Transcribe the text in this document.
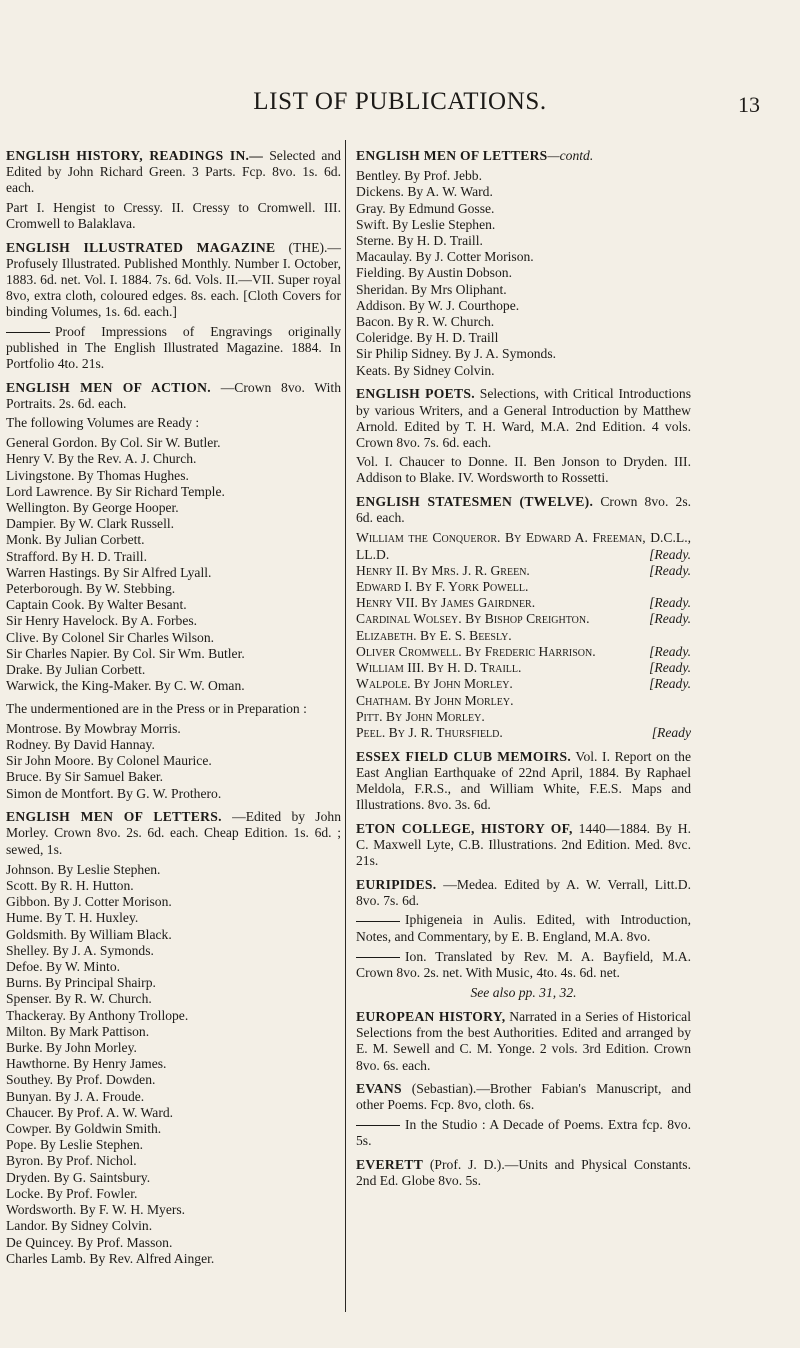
LIST OF PUBLICATIONS.	13
ENGLISH HISTORY, READINGS IN.— Selected and Edited by John Richard Green. 3 Parts. Fcp. 8vo. 1s. 6d. each.
Part I. Hengist to Cressy. II. Cressy to Cromwell. III. Cromwell to Balaklava.
ENGLISH ILLUSTRATED MAGAZINE (THE).—Profusely Illustrated. Published Monthly. Number I. October, 1883. 6d. net. Vol. I. 1884. 7s. 6d. Vols. II.—VII. Super royal 8vo, extra cloth, coloured edges. 8s. each. [Cloth Covers for binding Volumes, 1s. 6d. each.]
Proof Impressions of Engravings originally published in The English Illustrated Magazine. 1884. In Portfolio 4to. 21s.
ENGLISH MEN OF ACTION. —Crown 8vo. With Portraits. 2s. 6d. each.
The following Volumes are Ready :
General Gordon. By Col. Sir W. Butler.
Henry V. By the Rev. A. J. Church.
Livingstone. By Thomas Hughes.
Lord Lawrence. By Sir Richard Temple.
Wellington. By George Hooper.
Dampier. By W. Clark Russell.
Monk. By Julian Corbett.
Strafford. By H. D. Traill.
Warren Hastings. By Sir Alfred Lyall.
Peterborough. By W. Stebbing.
Captain Cook. By Walter Besant.
Sir Henry Havelock. By A. Forbes.
Clive. By Colonel Sir Charles Wilson.
Sir Charles Napier. By Col. Sir Wm. Butler.
Drake. By Julian Corbett.
Warwick, the King-Maker. By C. W. Oman.
The undermentioned are in the Press or in Preparation :
Montrose. By Mowbray Morris.
Rodney. By David Hannay.
Sir John Moore. By Colonel Maurice.
Bruce. By Sir Samuel Baker.
Simon de Montfort. By G. W. Prothero.
ENGLISH MEN OF LETTERS. —Edited by John Morley. Crown 8vo. 2s. 6d. each. Cheap Edition. 1s. 6d. ; sewed, 1s.
Johnson. By Leslie Stephen.
Scott. By R. H. Hutton.
Gibbon. By J. Cotter Morison.
Hume. By T. H. Huxley.
Goldsmith. By William Black.
Shelley. By J. A. Symonds.
Defoe. By W. Minto.
Burns. By Principal Shairp.
Spenser. By R. W. Church.
Thackeray. By Anthony Trollope.
Milton. By Mark Pattison.
Burke. By John Morley.
Hawthorne. By Henry James.
Southey. By Prof. Dowden.
Bunyan. By J. A. Froude.
Chaucer. By Prof. A. W. Ward.
Cowper. By Goldwin Smith.
Pope. By Leslie Stephen.
Byron. By Prof. Nichol.
Dryden. By G. Saintsbury.
Locke. By Prof. Fowler.
Wordsworth. By F. W. H. Myers.
Landor. By Sidney Colvin.
De Quincey. By Prof. Masson.
Charles Lamb. By Rev. Alfred Ainger.
ENGLISH MEN OF LETTERS—contd.
Bentley. By Prof. Jebb.
Dickens. By A. W. Ward.
Gray. By Edmund Gosse.
Swift. By Leslie Stephen.
Sterne. By H. D. Traill.
Macaulay. By J. Cotter Morison.
Fielding. By Austin Dobson.
Sheridan. By Mrs Oliphant.
Addison. By W. J. Courthope.
Bacon. By R. W. Church.
Coleridge. By H. D. Traill
Sir Philip Sidney. By J. A. Symonds.
Keats. By Sidney Colvin.
ENGLISH POETS. Selections, with Critical Introductions by various Writers, and a General Introduction by Matthew Arnold. Edited by T. H. Ward, M.A. 2nd Edition. 4 vols. Crown 8vo. 7s. 6d. each.
Vol. I. Chaucer to Donne. II. Ben Jonson to Dryden. III. Addison to Blake. IV. Wordsworth to Rossetti.
ENGLISH STATESMEN (TWELVE). Crown 8vo. 2s. 6d. each.
William the Conqueror. By Edward A. Freeman, D.C.L., LL.D.	[Ready.
Henry II. By Mrs. J. R. Green.	[Ready.
Edward I. By F. York Powell.
Henry VII. By James Gairdner.	[Ready.
Cardinal Wolsey. By Bishop Creighton.	[Ready.
Elizabeth. By E. S. Beesly.
Oliver Cromwell. By Frederic Harrison.	[Ready.
William III. By H. D. Traill.	[Ready.
Walpole. By John Morley.	[Ready.
Chatham. By John Morley.
Pitt. By John Morley.
Peel. By J. R. Thursfield.	[Ready
ESSEX FIELD CLUB MEMOIRS. Vol. I. Report on the East Anglian Earthquake of 22nd April, 1884. By Raphael Meldola, F.R.S., and William White, F.E.S. Maps and Illustrations. 8vo. 3s. 6d.
ETON COLLEGE, HISTORY OF, 1440—1884. By H. C. Maxwell Lyte, C.B. Illustrations. 2nd Edition. Med. 8vc. 21s.
EURIPIDES. —Medea. Edited by A. W. Verrall, Litt.D. 8vo. 7s. 6d.
Iphigeneia in Aulis. Edited, with Introduction, Notes, and Commentary, by E. B. England, M.A. 8vo.
Ion. Translated by Rev. M. A. Bayfield, M.A. Crown 8vo. 2s. net. With Music, 4to. 4s. 6d. net.
See also pp. 31, 32.
EUROPEAN HISTORY, Narrated in a Series of Historical Selections from the best Authorities. Edited and arranged by E. M. Sewell and C. M. Yonge. 2 vols. 3rd Edition. Crown 8vo. 6s. each.
EVANS (Sebastian).—Brother Fabian's Manuscript, and other Poems. Fcp. 8vo, cloth. 6s.
In the Studio : A Decade of Poems. Extra fcp. 8vo. 5s.
EVERETT (Prof. J. D.).—Units and Physical Constants. 2nd Ed. Globe 8vo. 5s.
